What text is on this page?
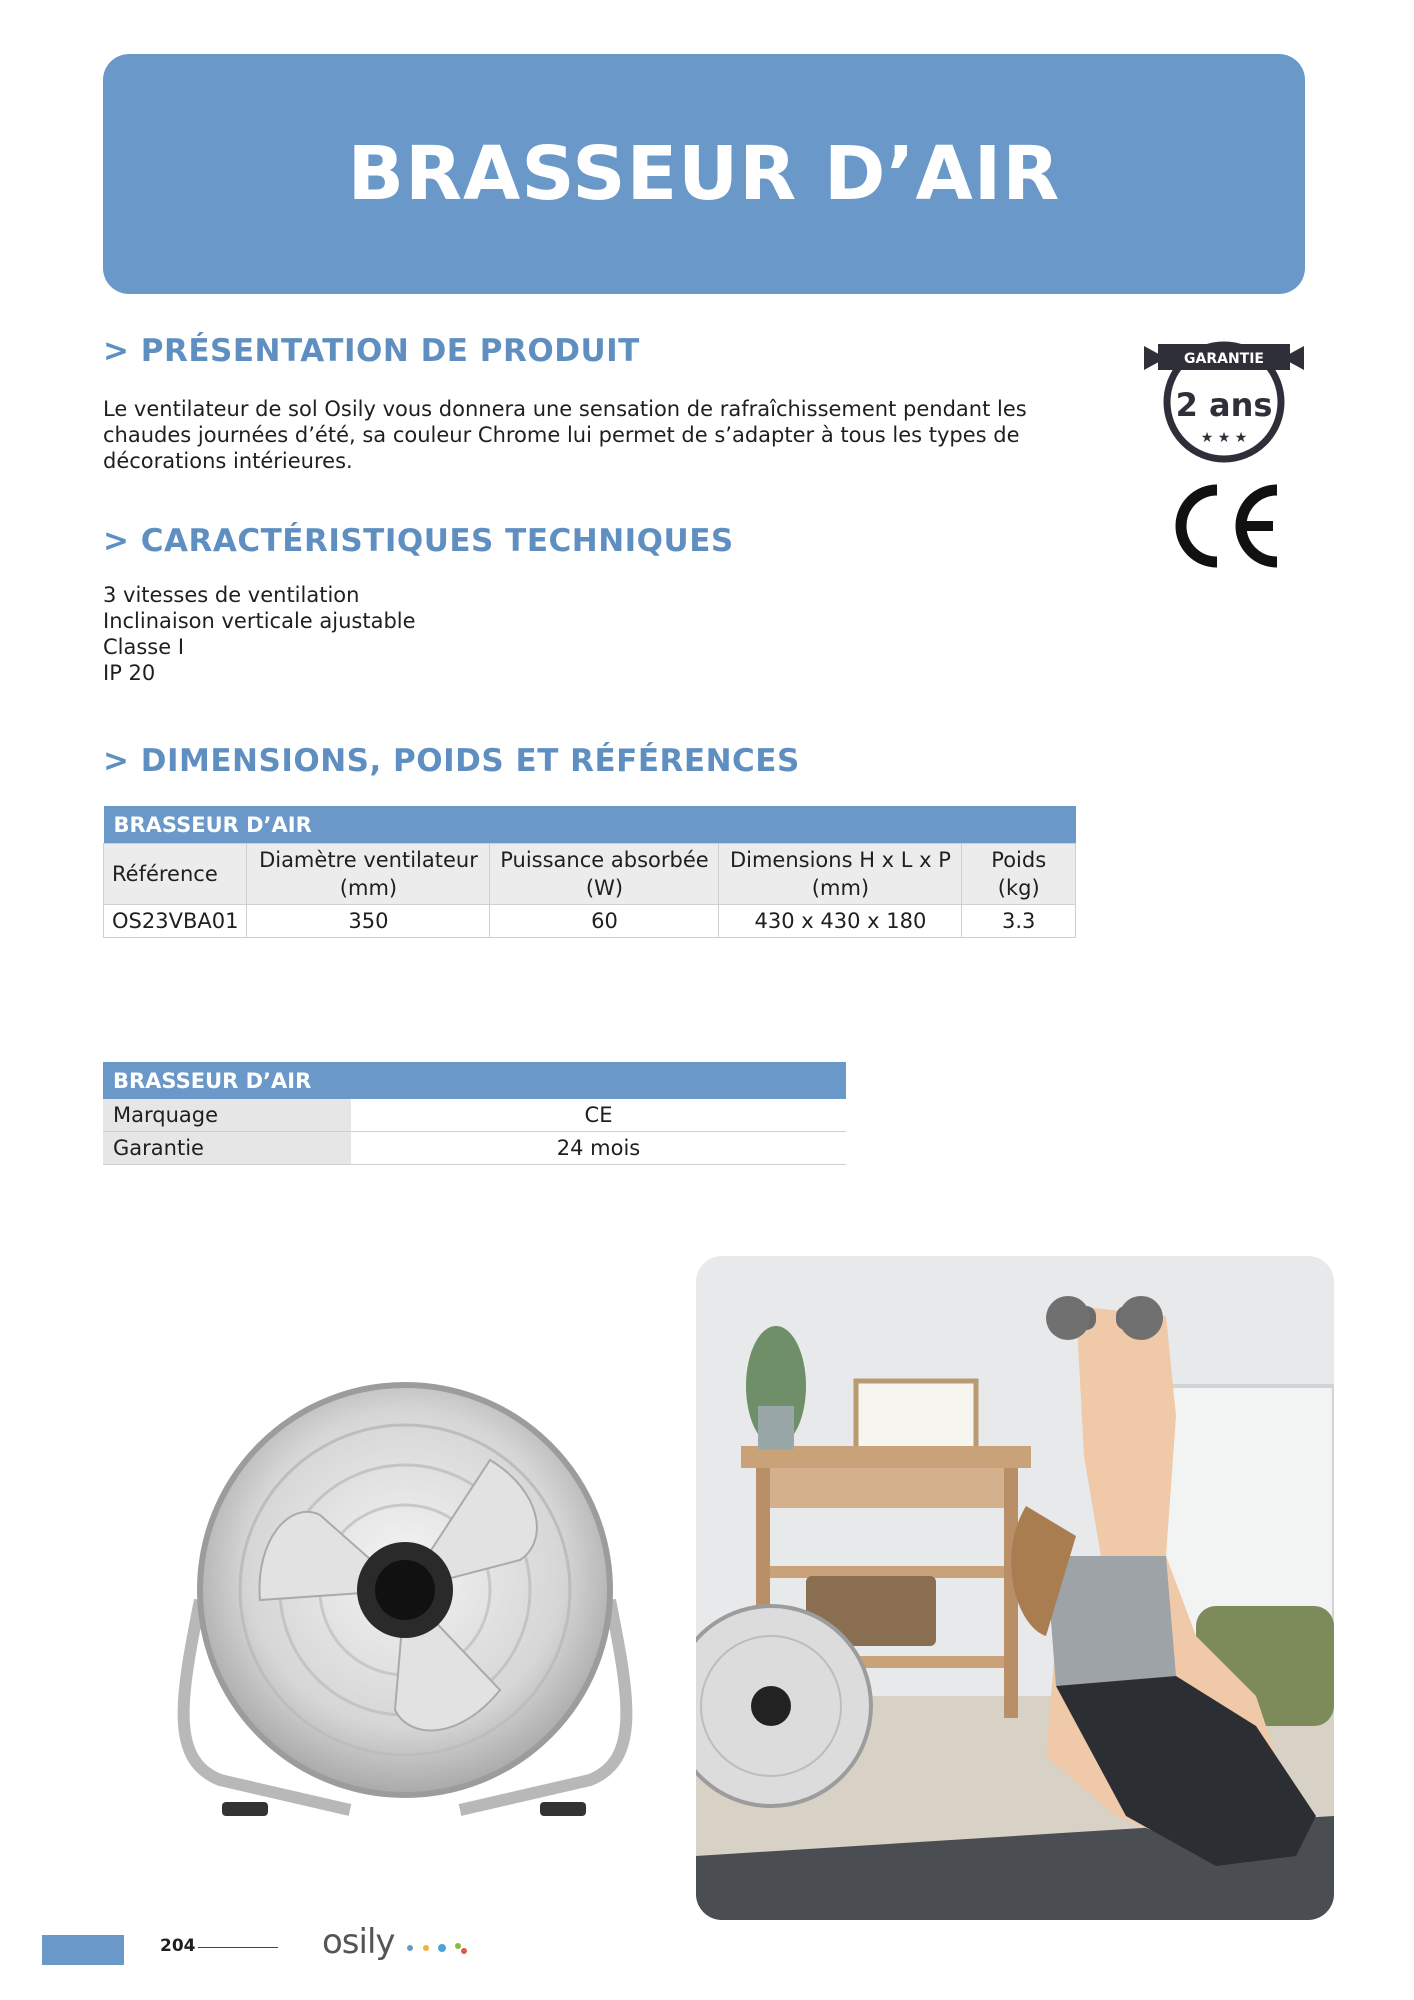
BRASSEUR D’AIR
> PRÉSENTATION DE PRODUIT

Le ventilateur de sol Osily vous donnera une sensation de rafraîchissement pendant les chaudes journées d’été, sa couleur Chrome lui permet de s’adapter à tous les types de décorations intérieures.

> CARACTÉRISTIQUES TECHNIQUES
3 vitesses de ventilation
Inclinaison verticale ajustable
Classe I
IP 20
> DIMENSIONS, POIDS ET RÉFÉRENCES
BRASSEUR D’AIR				
Référence	Diamètre ventilateur (mm)	Puissance absorbée (W)	Dimensions H x L x P (mm)	Poids (kg)
OS23VBA01	350	60	430 x 430 x 180	3.3
BRASSEUR D’AIR	
Marquage	CE
Garantie	24 mois
GARANTIE
2 ans
★ ★ ★
204	osily
